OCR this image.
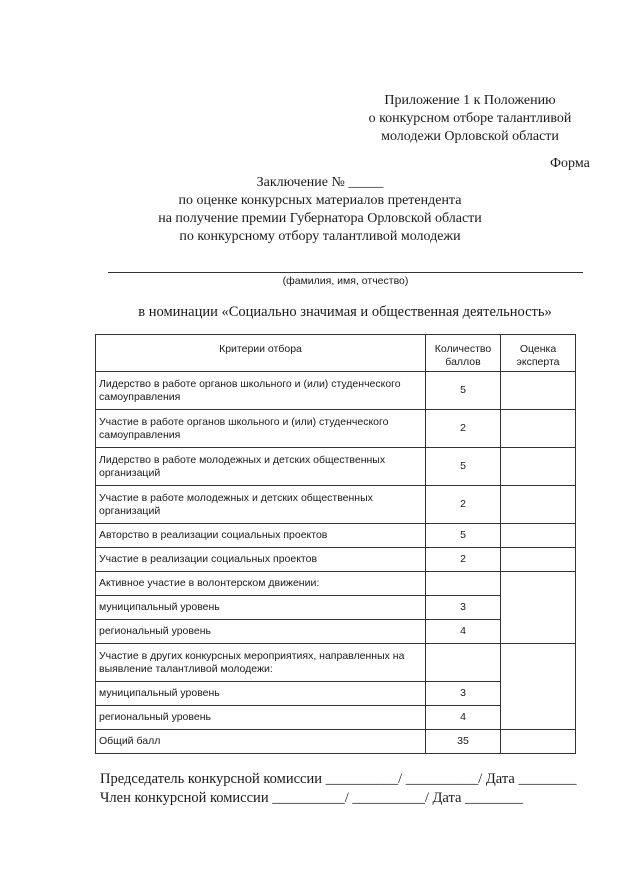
Приложение 1 к Положению
о конкурсном отборе талантливой
молодежи Орловской области
Форма
Заключение № _____
по оценке конкурсных материалов претендента
на получение премии Губернатора Орловской области
по конкурсному отбору талантливой молодежи
(фамилия, имя, отчество)
в номинации «Социально значимая и общественная деятельность»
Критерии отбора	Количество баллов	Оценка эксперта
Лидерство в работе органов школьного и (или) студенческого самоуправления	5	
Участие в работе органов школьного и (или) студенческого самоуправления	2	
Лидерство в работе молодежных и детских общественных организаций	5	
Участие в работе молодежных и детских общественных организаций	2	
Авторство в реализации социальных проектов	5	
Участие в реализации социальных проектов	2	
Активное участие в волонтерском движении:		
муниципальный уровень	3	
региональный уровень	4	
Участие в других конкурсных мероприятиях, направленных на выявление талантливой молодежи:		
муниципальный уровень	3	
региональный уровень	4	
Общий балл	35	
Председатель конкурсной комиссии __________/ __________/ Дата ________
Член конкурсной комиссии __________/ __________/ Дата ________
